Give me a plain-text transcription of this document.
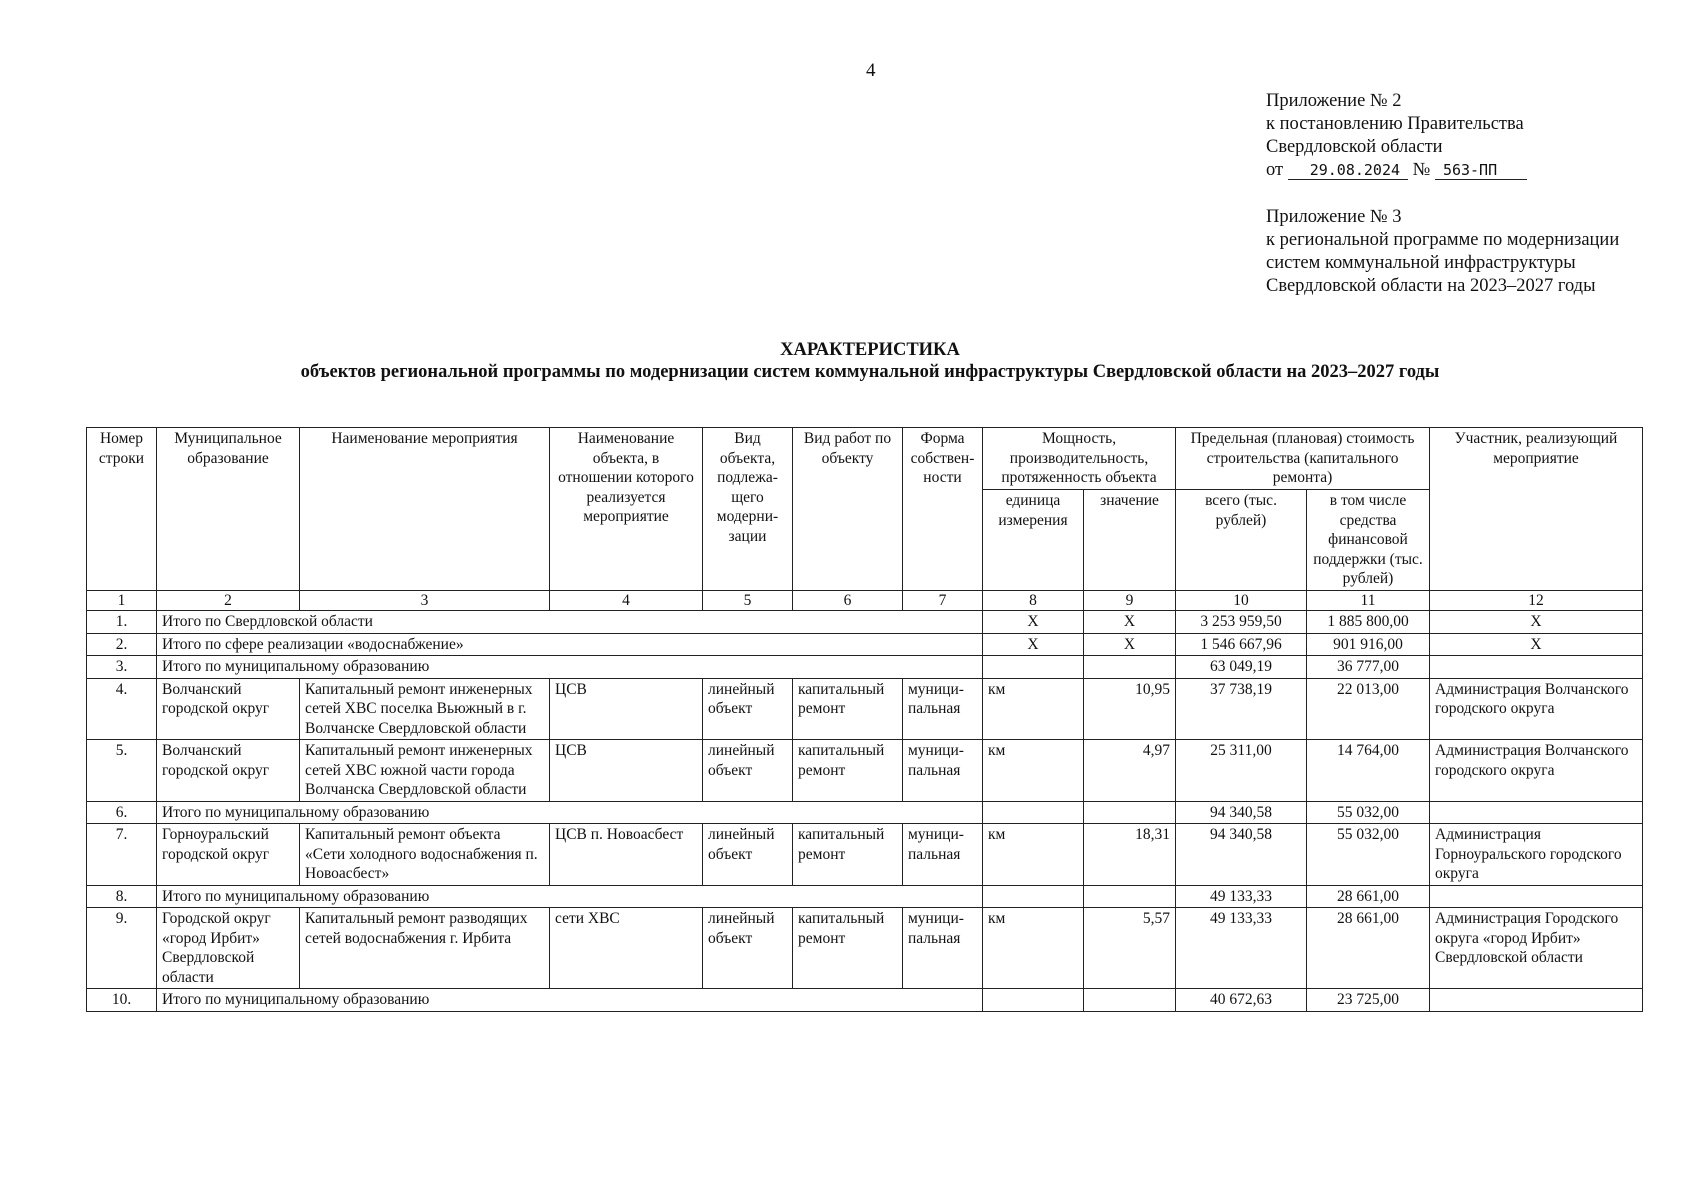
4
Приложение № 2
к постановлению Правительства
Свердловской области
от 29.08.2024 № 563-ПП
Приложение № 3
к региональной программе по модернизации
систем коммунальной инфраструктуры
Свердловской области на 2023–2027 годы
ХАРАКТЕРИСТИКА
объектов региональной программы по модернизации систем коммунальной инфраструктуры Свердловской области на 2023–2027 годы
Номер строки	Муниципальное образование	Наименование мероприятия	Наименование объекта, в отношении которого реализуется мероприятие	Вид объекта, подлежа-щего модерни-зации	Вид работ по объекту	Форма собствен-ности	Мощность, производительность, протяженность объекта		Предельная (плановая) стоимость строительства (капитального ремонта)		Участник, реализующий мероприятие
							единица измерения	значение	всего (тыс. рублей)	в том числе средства финансовой поддержки (тыс. рублей)	
1	2	3	4	5	6	7	8	9	10	11	12
1.	Итого по Свердловской области						X	X	3 253 959,50	1 885 800,00	X
2.	Итого по сфере реализации «водоснабжение»						X	X	1 546 667,96	901 916,00	X
3.	Итого по муниципальному образованию								63 049,19	36 777,00	
4.	Волчанский городской округ	Капитальный ремонт инженерных сетей ХВС поселка Вьюжный в г. Волчанске Свердловской области	ЦСВ	линейный объект	капитальный ремонт	муници-пальная	км	10,95	37 738,19	22 013,00	Администрация Волчанского городского округа
5.	Волчанский городской округ	Капитальный ремонт инженерных сетей ХВС южной части города Волчанска Свердловской области	ЦСВ	линейный объект	капитальный ремонт	муници-пальная	км	4,97	25 311,00	14 764,00	Администрация Волчанского городского округа
6.	Итого по муниципальному образованию								94 340,58	55 032,00	
7.	Горноуральский городской округ	Капитальный ремонт объекта «Сети холодного водоснабжения п. Новоасбест»	ЦСВ п. Новоасбест	линейный объект	капитальный ремонт	муници-пальная	км	18,31	94 340,58	55 032,00	Администрация Горноуральского городского округа
8.	Итого по муниципальному образованию								49 133,33	28 661,00	
9.	Городской округ «город Ирбит» Свердловской области	Капитальный ремонт разводящих сетей водоснабжения г. Ирбита	сети ХВС	линейный объект	капитальный ремонт	муници-пальная	км	5,57	49 133,33	28 661,00	Администрация Городского округа «город Ирбит» Свердловской области
10.	Итого по муниципальному образованию								40 672,63	23 725,00	
